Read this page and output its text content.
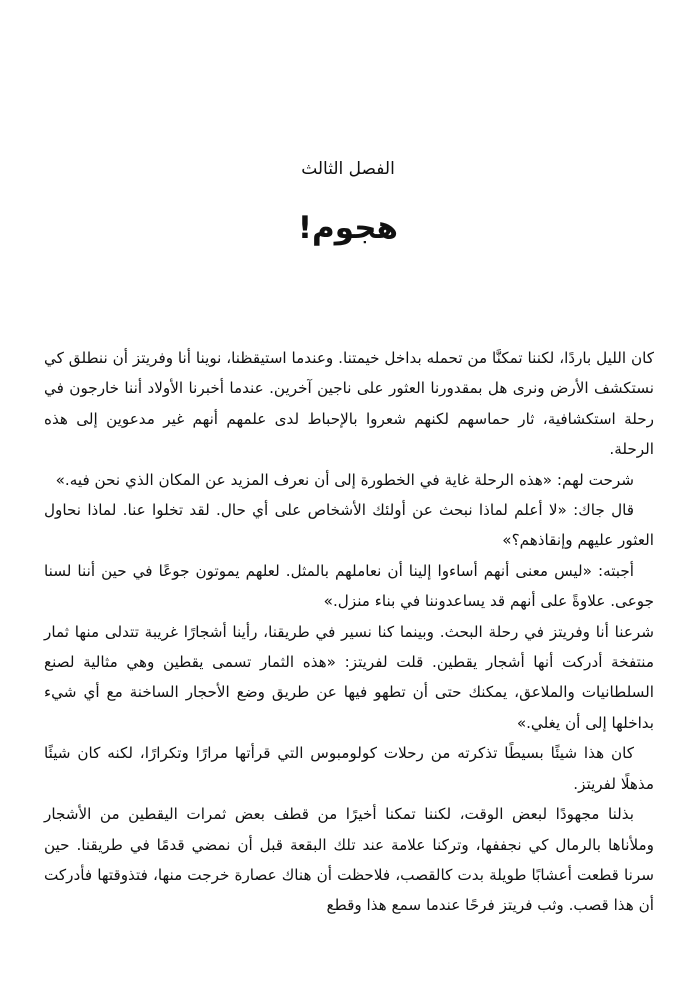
الفصل الثالث
هجوم!

كان الليل باردًا، لكننا تمكنَّا من تحمله بداخل خيمتنا. وعندما استيقظنا، نوينا أنا وفريتز أن ننطلق كي نستكشف الأرض ونرى هل بمقدورنا العثور على ناجين آخرين. عندما أخبرنا الأولاد أننا خارجون في رحلة استكشافية، ثار حماسهم لكنهم شعروا بالإحباط لدى علمهم أنهم غير مدعوين إلى هذه الرحلة.

شرحت لهم: «هذه الرحلة غاية في الخطورة إلى أن نعرف المزيد عن المكان الذي نحن فيه.»

قال جاك: «لا أعلم لماذا نبحث عن أولئك الأشخاص على أي حال. لقد تخلوا عنا. لماذا نحاول العثور عليهم وإنقاذهم؟»

أجبته: «ليس معنى أنهم أساءوا إلينا أن نعاملهم بالمثل. لعلهم يموتون جوعًا في حين أننا لسنا جوعى. علاوةً على أنهم قد يساعدوننا في بناء منزل.»

شرعنا أنا وفريتز في رحلة البحث. وبينما كنا نسير في طريقنا، رأينا أشجارًا غريبة تتدلى منها ثمار منتفخة أدركت أنها أشجار يقطين. قلت لفريتز: «هذه الثمار تسمى يقطين وهي مثالية لصنع السلطانيات والملاعق، يمكنك حتى أن تطهو فيها عن طريق وضع الأحجار الساخنة مع أي شيء بداخلها إلى أن يغلي.»

كان هذا شيئًا بسيطًا تذكرته من رحلات كولومبوس التي قرأتها مرارًا وتكرارًا، لكنه كان شيئًا مذهلًا لفريتز.

بذلنا مجهودًا لبعض الوقت، لكننا تمكنا أخيرًا من قطف بعض ثمرات اليقطين من الأشجار وملأناها بالرمال كي نجففها، وتركنا علامة عند تلك البقعة قبل أن نمضي قدمًا في طريقنا. حين سرنا قطعت أعشابًا طويلة بدت كالقصب، فلاحظت أن هناك عصارة خرجت منها، فتذوقتها فأدركت أن هذا قصب. وثب فريتز فرحًا عندما سمع هذا وقطع
